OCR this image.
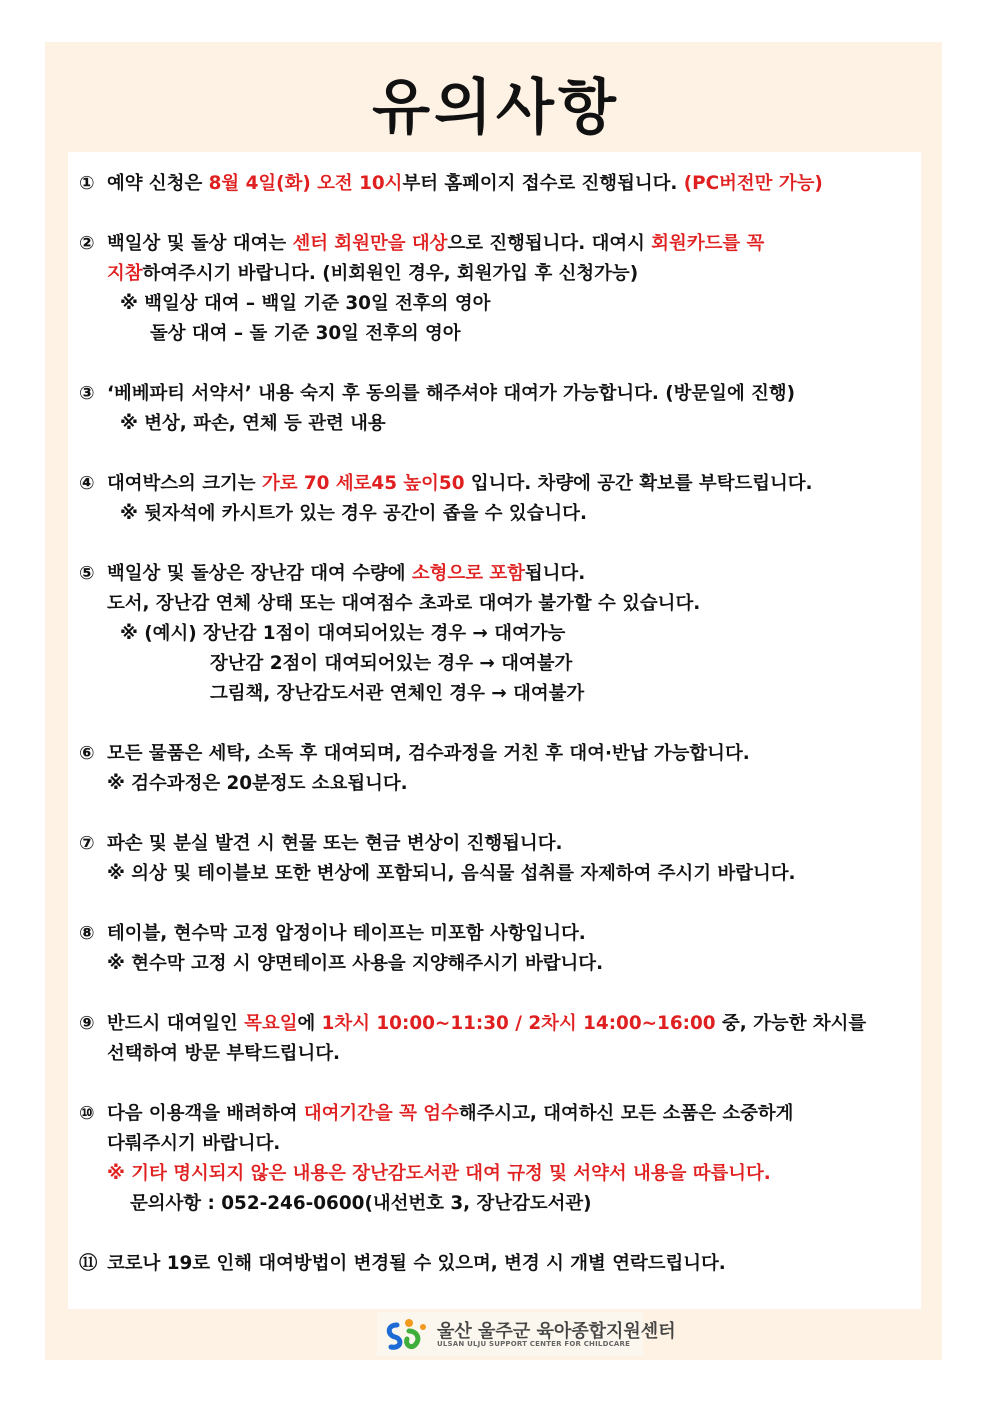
유의사항
① 예약 신청은 8월 4일(화) 오전 10시부터 홈페이지 접수로 진행됩니다. (PC버전만 가능)
② 백일상 및 돌상 대여는 센터 회원만을 대상으로 진행됩니다. 대여시 회원카드를 꼭
지참하여주시기 바랍니다. (비회원인 경우, 회원가입 후 신청가능)
※ 백일상 대여 – 백일 기준 30일 전후의 영아
돌상 대여 – 돌 기준 30일 전후의 영아
③ ‘베베파티 서약서’ 내용 숙지 후 동의를 해주셔야 대여가 가능합니다. (방문일에 진행)
※ 변상, 파손, 연체 등 관련 내용
④ 대여박스의 크기는 가로 70 세로45 높이50 입니다. 차량에 공간 확보를 부탁드립니다.
※ 뒷자석에 카시트가 있는 경우 공간이 좁을 수 있습니다.
⑤ 백일상 및 돌상은 장난감 대여 수량에 소형으로 포함됩니다.
도서, 장난감 연체 상태 또는 대여점수 초과로 대여가 불가할 수 있습니다.
※ (예시) 장난감 1점이 대여되어있는 경우 → 대여가능
장난감 2점이 대여되어있는 경우 → 대여불가
그림책, 장난감도서관 연체인 경우 → 대여불가
⑥ 모든 물품은 세탁, 소독 후 대여되며, 검수과정을 거친 후 대여·반납 가능합니다.
※ 검수과정은 20분정도 소요됩니다.
⑦ 파손 및 분실 발견 시 현물 또는 현금 변상이 진행됩니다.
※ 의상 및 테이블보 또한 변상에 포함되니, 음식물 섭취를 자제하여 주시기 바랍니다.
⑧ 테이블, 현수막 고정 압정이나 테이프는 미포함 사항입니다.
※ 현수막 고정 시 양면테이프 사용을 지양해주시기 바랍니다.
⑨ 반드시 대여일인 목요일에 1차시 10:00~11:30 / 2차시 14:00~16:00 중, 가능한 차시를
선택하여 방문 부탁드립니다.
⑩ 다음 이용객을 배려하여 대여기간을 꼭 엄수해주시고, 대여하신 모든 소품은 소중하게
다뤄주시기 바랍니다.
※ 기타 명시되지 않은 내용은 장난감도서관 대여 규정 및 서약서 내용을 따릅니다.
문의사항 : 052-246-0600(내선번호 3, 장난감도서관)
⑪ 코로나 19로 인해 대여방법이 변경될 수 있으며, 변경 시 개별 연락드립니다.
울산 울주군 육아종합지원센터
ULSAN ULJU SUPPORT CENTER FOR CHILDCARE
